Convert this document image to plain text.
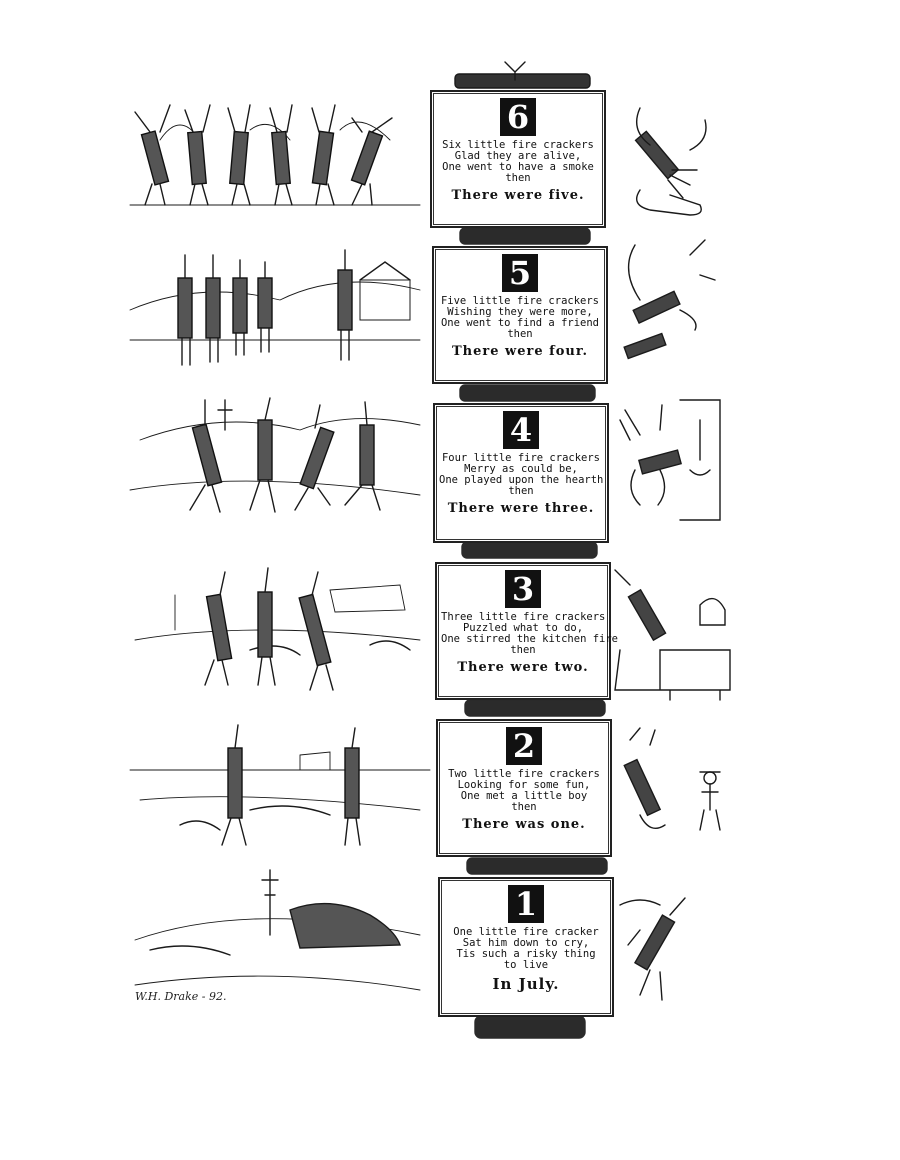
6
Six little fire crackers
Glad they are alive,
One went to have a smoke
then
There were five.
5
Five little fire crackers
Wishing they were more,
One went to find a friend
then
There were four.
4
Four little fire crackers
Merry as could be,
One played upon the hearth
then
There were three.
3
Three little fire crackers
Puzzled what to do,
One stirred the kitchen fire
then
There were two.
2
Two little fire crackers
Looking for some fun,
One met a little boy
then
There was one.
1
One little fire cracker
Sat him down to cry,
Tis such a risky thing
to live
In July.
W.H. Drake - 92.
